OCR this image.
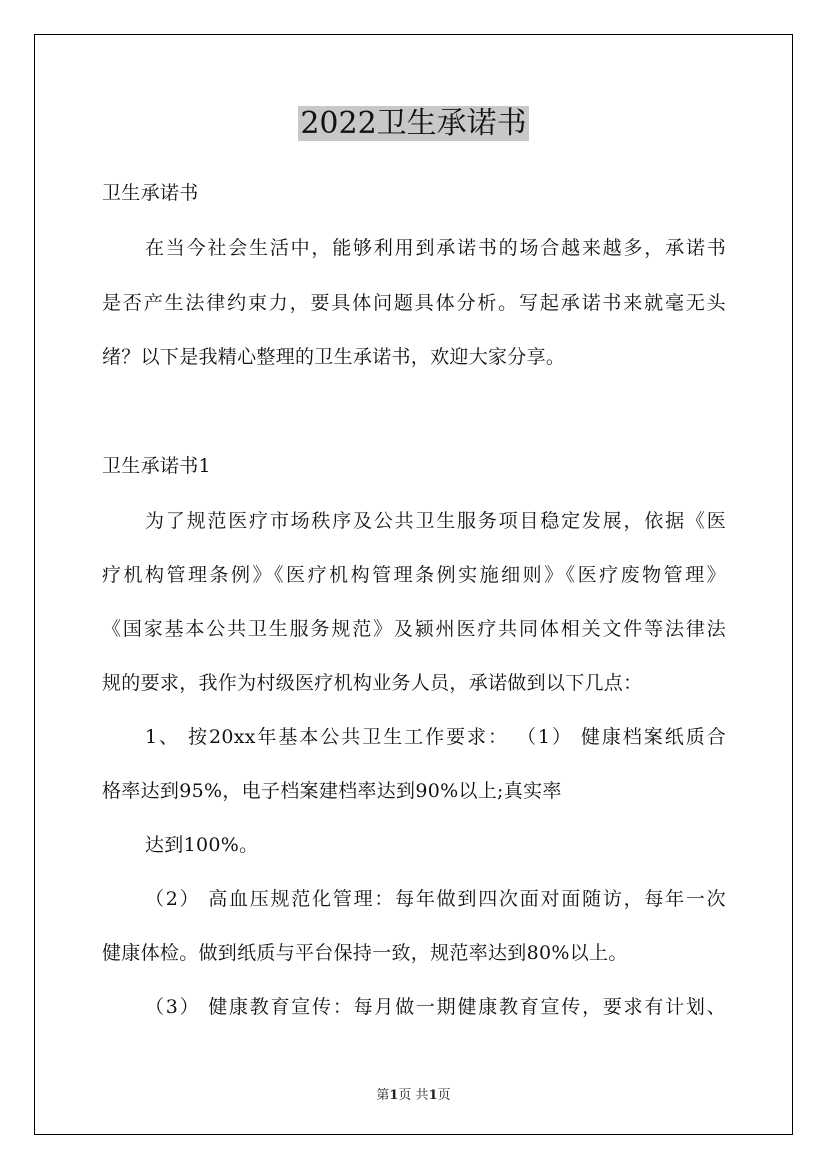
2022卫生承诺书
卫生承诺书
在当今社会生活中，能够利用到承诺书的场合越来越多，承诺书
是否产生法律约束力，要具体问题具体分析。写起承诺书来就毫无头
绪？以下是我精心整理的卫生承诺书，欢迎大家分享。
卫生承诺书1
为了规范医疗市场秩序及公共卫生服务项目稳定发展，依据《医
疗机构管理条例》《医疗机构管理条例实施细则》《医疗废物管理》
《国家基本公共卫生服务规范》及颍州医疗共同体相关文件等法律法
规的要求，我作为村级医疗机构业务人员，承诺做到以下几点：
1、 按20xx年基本公共卫生工作要求： （1） 健康档案纸质合
格率达到95%，电子档案建档率达到90%以上;真实率
达到100%。
（2） 高血压规范化管理：每年做到四次面对面随访，每年一次
健康体检。做到纸质与平台保持一致，规范率达到80%以上。
（3） 健康教育宣传：每月做一期健康教育宣传，要求有计划、
第1页 共1页
